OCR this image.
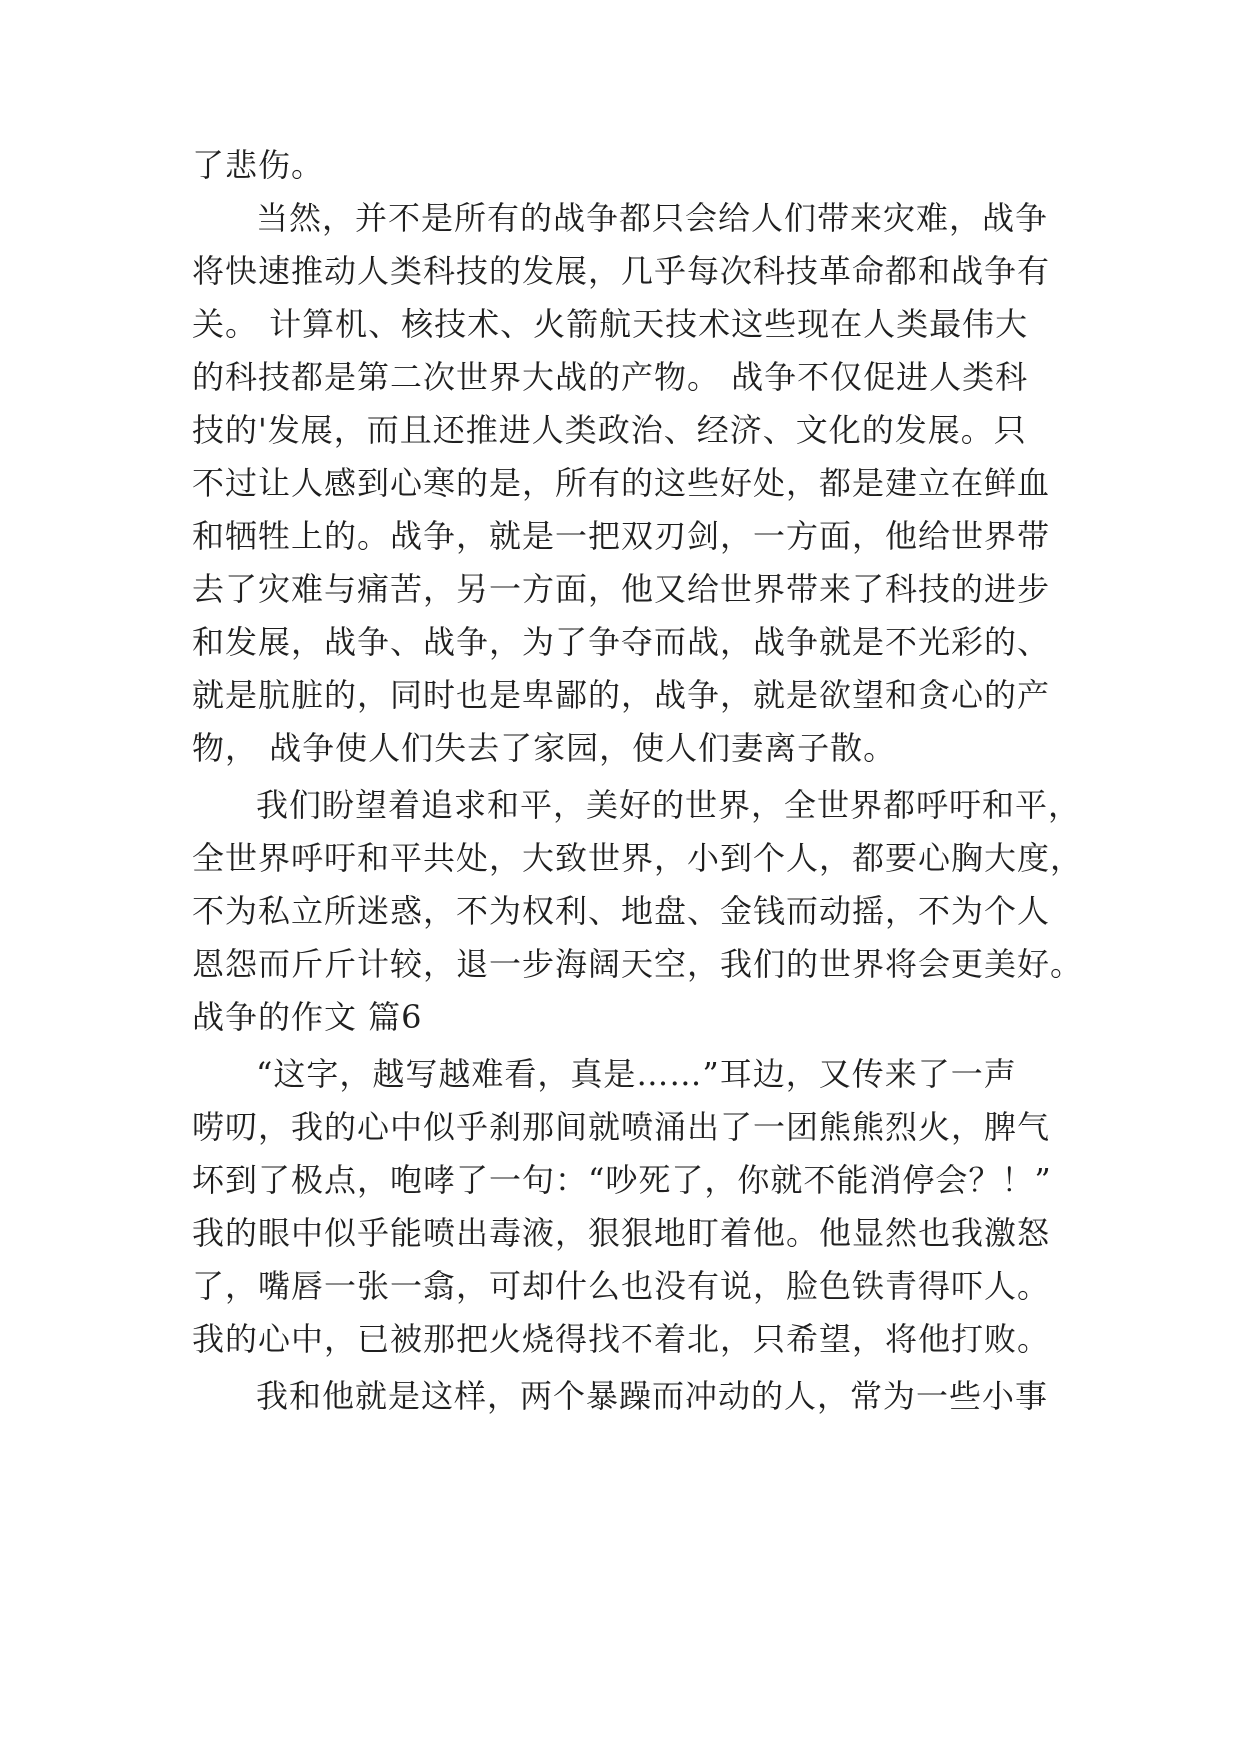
了悲伤。
当然，并不是所有的战争都只会给人们带来灾难，战争
将快速推动人类科技的发展，几乎每次科技革命都和战争有
关。 计算机、核技术、火箭航天技术这些现在人类最伟大
的科技都是第二次世界大战的产物。 战争不仅促进人类科
技的'发展，而且还推进人类政治、经济、文化的发展。只
不过让人感到心寒的是，所有的这些好处，都是建立在鲜血
和牺牲上的。战争，就是一把双刃剑，一方面，他给世界带
去了灾难与痛苦，另一方面，他又给世界带来了科技的进步
和发展，战争、战争，为了争夺而战，战争就是不光彩的、
就是肮脏的，同时也是卑鄙的，战争，就是欲望和贪心的产
物， 战争使人们失去了家园，使人们妻离子散。
我们盼望着追求和平，美好的世界，全世界都呼吁和平，
全世界呼吁和平共处，大致世界，小到个人，都要心胸大度，
不为私立所迷惑，不为权利、地盘、金钱而动摇，不为个人
恩怨而斤斤计较，退一步海阔天空，我们的世界将会更美好。
战争的作文 篇6
“这字，越写越难看，真是……”耳边，又传来了一声
唠叨，我的心中似乎刹那间就喷涌出了一团熊熊烈火，脾气
坏到了极点，咆哮了一句：“吵死了，你就不能消停会？！”
我的眼中似乎能喷出毒液，狠狠地盯着他。他显然也我激怒
了，嘴唇一张一翕，可却什么也没有说，脸色铁青得吓人。
我的心中，已被那把火烧得找不着北，只希望，将他打败。
我和他就是这样，两个暴躁而冲动的人，常为一些小事
